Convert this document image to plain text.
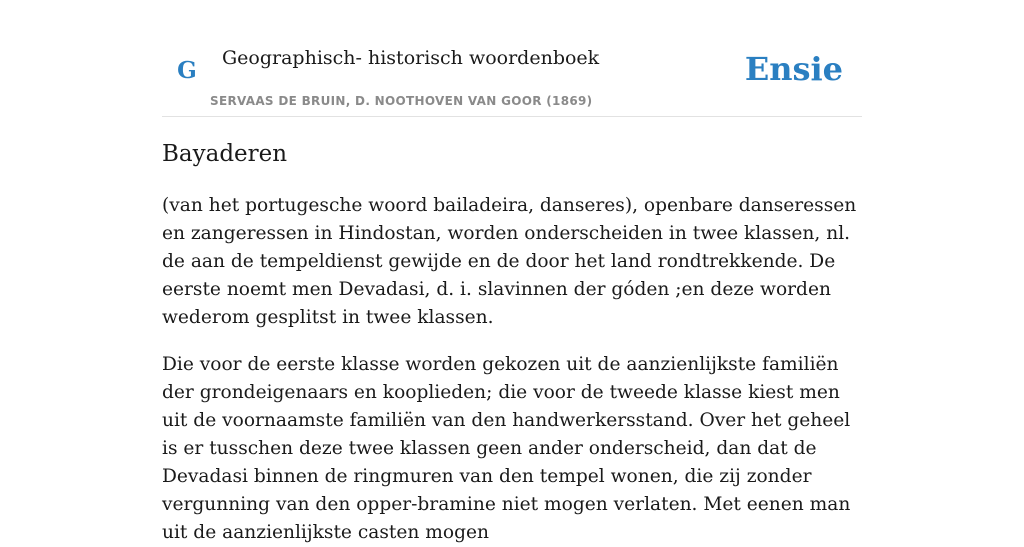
G Geographisch- historisch woordenboek
SERVAAS DE BRUIN, D. NOOTHOVEN VAN GOOR (1869)
Ensie
Bayaderen

(van het portugesche woord bailadeira, danseres), openbare danseressen en zangeressen in Hindostan, worden onderscheiden in twee klassen, nl. de aan de tempeldienst gewijde en de door het land rondtrekkende. De eerste noemt men Devadasi, d. i. slavinnen der góden ;en deze worden wederom gesplitst in twee klassen.

Die voor de eerste klasse worden gekozen uit de aanzienlijkste familiën der grondeigenaars en kooplieden; die voor de tweede klasse kiest men uit de voornaamste familiën van den handwerkersstand. Over het geheel is er tusschen deze twee klassen geen ander onderscheid, dan dat de Devadasi binnen de ringmuren van den tempel wonen, die zij zonder vergunning van den opper-bramine niet mogen verlaten. Met eenen man uit de aanzienlijkste casten mogen
